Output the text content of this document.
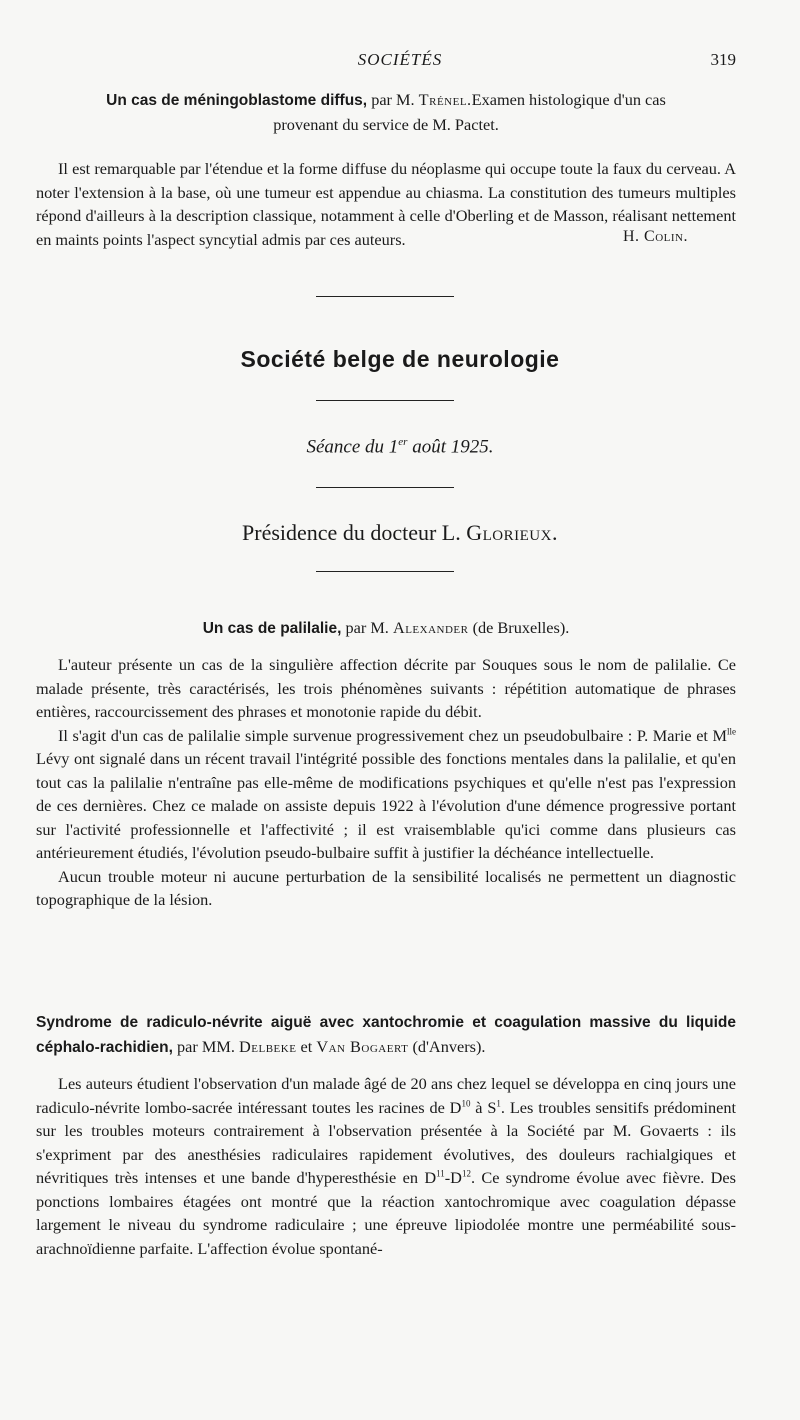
SOCIÉTÉS	319

Un cas de méningoblastome diffus, par M. Trénel.Examen histologique d'un cas
provenant du service de M. Pactet.

Il est remarquable par l'étendue et la forme diffuse du néoplasme qui occupe toute la faux du cerveau. A noter l'extension à la base, où une tumeur est appendue au chiasma. La constitution des tumeurs multiples répond d'ailleurs à la description classique, notamment à celle d'Oberling et de Masson, réalisant nettement en maints points l'aspect syncytial admis par ces auteurs.	H. Colin.
Société belge de neurologie
Séance du 1er août 1925.
Présidence du docteur L. Glorieux.

Un cas de palilalie, par M. Alexander (de Bruxelles).

L'auteur présente un cas de la singulière affection décrite par Souques sous le nom de palilalie. Ce malade présente, très caractérisés, les trois phénomènes suivants : répétition automatique de phrases entières, raccourcissement des phrases et monotonie rapide du débit.

Il s'agit d'un cas de palilalie simple survenue progressivement chez un pseudobulbaire : P. Marie et $M^{lle}$ Lévy ont signalé dans un récent travail l'intégrité possible des fonctions mentales dans la palilalie, et qu'en tout cas la palilalie n'entraîne pas elle-même de modifications psychiques et qu'elle n'est pas l'expression de ces dernières. Chez ce malade on assiste depuis 1922 à l'évolution d'une démence progressive portant sur l'activité professionnelle et l'affectivité ; il est vraisemblable qu'ici comme dans plusieurs cas antérieurement étudiés, l'évolution pseudo-bulbaire suffit à justifier la déchéance intellectuelle.

Aucun trouble moteur ni aucune perturbation de la sensibilité localisés ne permettent un diagnostic topographique de la lésion.

Syndrome de radiculo-névrite aiguë avec xantochromie et coagulation massive du liquide céphalo-rachidien, par MM. Delbeke et Van Bogaert (d'Anvers).

Les auteurs étudient l'observation d'un malade âgé de 20 ans chez lequel se développa en cinq jours une radiculo-névrite lombo-sacrée intéressant toutes les racines de $D^{10}$ à $S^1$. Les troubles sensitifs prédominent sur les troubles moteurs contrairement à l'observation présentée à la Société par M. Govaerts : ils s'expriment par des anesthésies radiculaires rapidement évolutives, des douleurs rachialgiques et névritiques très intenses et une bande d'hyperesthésie en $D^{11}-D^{12}$. Ce syndrome évolue avec fièvre. Des ponctions lombaires étagées ont montré que la réaction xantochromique avec coagulation dépasse largement le niveau du syndrome radiculaire ; une épreuve lipiodolée montre une perméabilité sous-arachnoïdienne parfaite. L'affection évolue spontané-
